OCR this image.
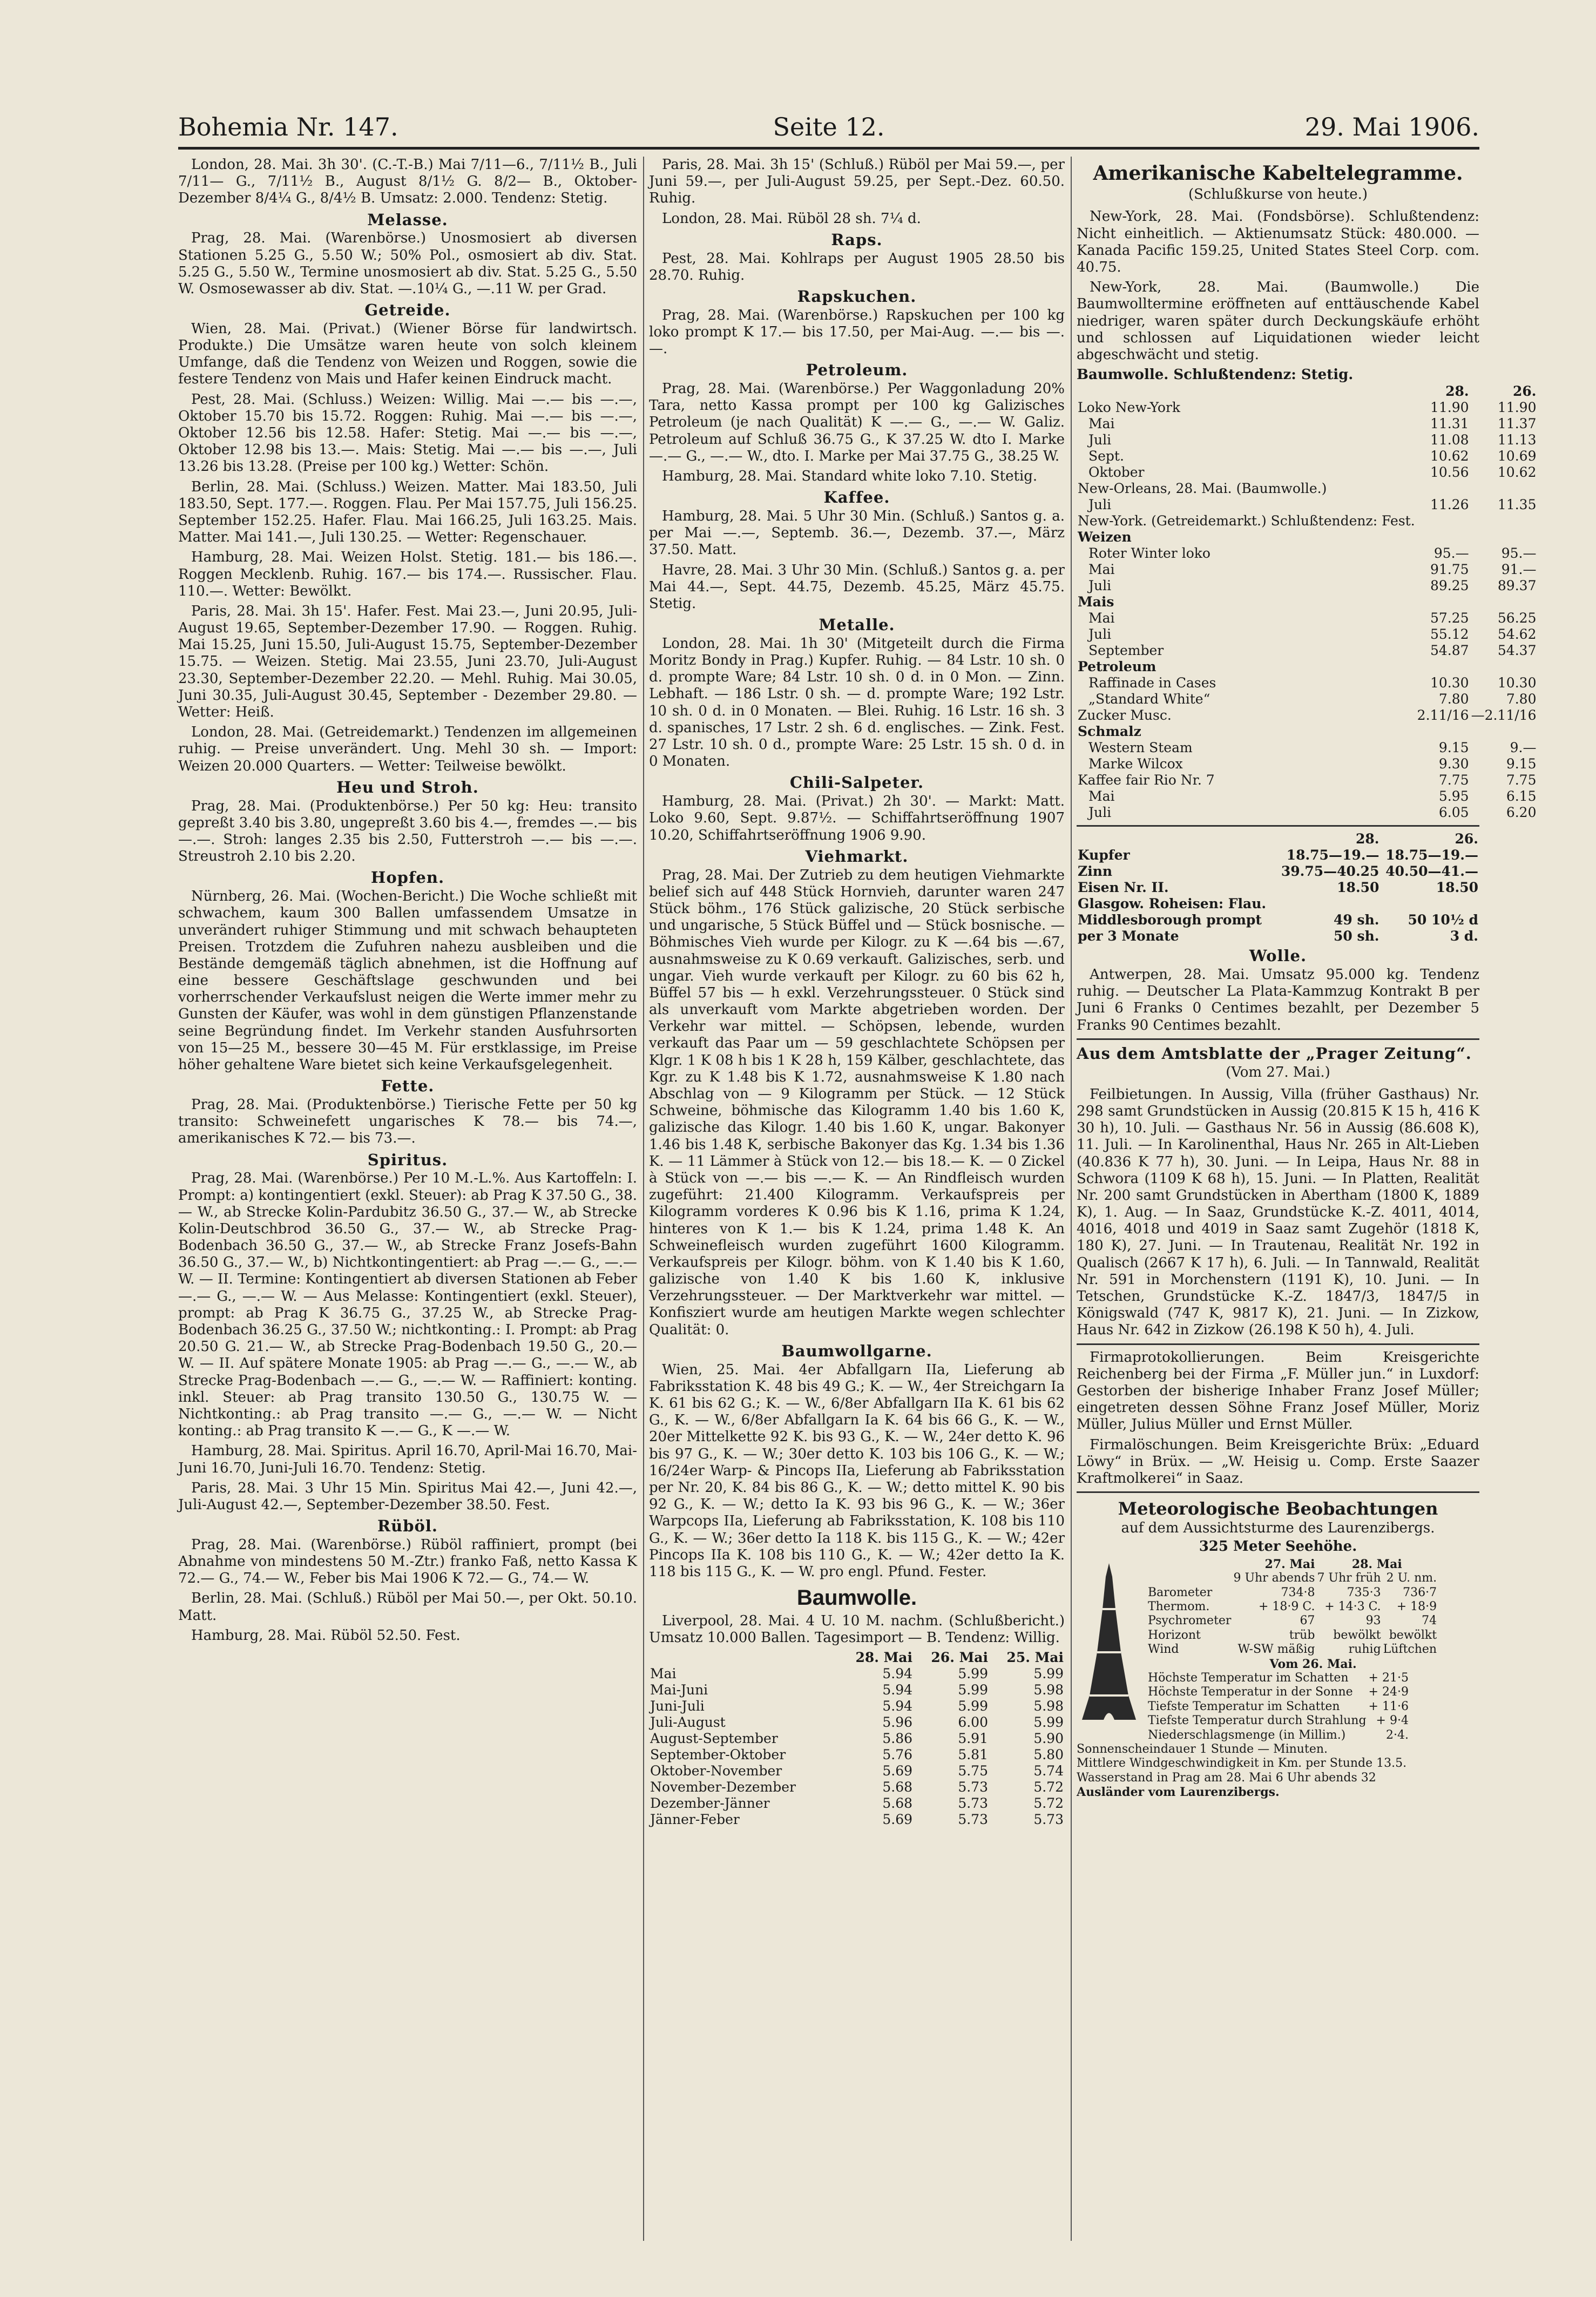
Bohemia Nr. 147.	Seite 12.	29. Mai 1906.

London, 28. Mai. 3h 30'. (C.-T.-B.) Mai 7/11—6., 7/11½ B., Juli 7/11— G., 7/11½ B., August 8/1½ G. 8/2— B., Oktober-Dezember 8/4¼ G., 8/4½ B. Umsatz: 2.000. Tendenz: Stetig.

Melasse.

Prag, 28. Mai. (Warenbörse.) Unosmosiert ab diversen Stationen 5.25 G., 5.50 W.; 50% Pol., osmosiert ab div. Stat. 5.25 G., 5.50 W., Termine unosmosiert ab div. Stat. 5.25 G., 5.50 W. Osmosewasser ab div. Stat. —.10¼ G., —.11 W. per Grad.

Getreide.

Wien, 28. Mai. (Privat.) (Wiener Börse für landwirtsch. Produkte.) Die Umsätze waren heute von solch kleinem Umfange, daß die Tendenz von Weizen und Roggen, sowie die festere Tendenz von Mais und Hafer keinen Eindruck macht.

Pest, 28. Mai. (Schluss.) Weizen: Willig. Mai —.— bis —.—, Oktober 15.70 bis 15.72. Roggen: Ruhig. Mai —.— bis —.—, Oktober 12.56 bis 12.58. Hafer: Stetig. Mai —.— bis —.—, Oktober 12.98 bis 13.—. Mais: Stetig. Mai —.— bis —.—, Juli 13.26 bis 13.28. (Preise per 100 kg.) Wetter: Schön.

Berlin, 28. Mai. (Schluss.) Weizen. Matter. Mai 183.50, Juli 183.50, Sept. 177.—. Roggen. Flau. Per Mai 157.75, Juli 156.25. September 152.25. Hafer. Flau. Mai 166.25, Juli 163.25. Mais. Matter. Mai 141.—, Juli 130.25. — Wetter: Regenschauer.

Hamburg, 28. Mai. Weizen Holst. Stetig. 181.— bis 186.—. Roggen Mecklenb. Ruhig. 167.— bis 174.—. Russischer. Flau. 110.—. Wetter: Bewölkt.

Paris, 28. Mai. 3h 15'. Hafer. Fest. Mai 23.—, Juni 20.95, Juli-August 19.65, September-Dezember 17.90. — Roggen. Ruhig. Mai 15.25, Juni 15.50, Juli-August 15.75, September-Dezember 15.75. — Weizen. Stetig. Mai 23.55, Juni 23.70, Juli-August 23.30, September-Dezember 22.20. — Mehl. Ruhig. Mai 30.05, Juni 30.35, Juli-August 30.45, September - Dezember 29.80. — Wetter: Heiß.

London, 28. Mai. (Getreidemarkt.) Tendenzen im allgemeinen ruhig. — Preise unverändert. Ung. Mehl 30 sh. — Import: Weizen 20.000 Quarters. — Wetter: Teilweise bewölkt.

Heu und Stroh.

Prag, 28. Mai. (Produktenbörse.) Per 50 kg: Heu: transito gepreßt 3.40 bis 3.80, ungepreßt 3.60 bis 4.—, fremdes —.— bis —.—. Stroh: langes 2.35 bis 2.50, Futterstroh —.— bis —.—. Streustroh 2.10 bis 2.20.

Hopfen.

Nürnberg, 26. Mai. (Wochen-Bericht.) Die Woche schließt mit schwachem, kaum 300 Ballen umfassendem Umsatze in unverändert ruhiger Stimmung und mit schwach behaupteten Preisen. Trotzdem die Zufuhren nahezu ausbleiben und die Bestände demgemäß täglich abnehmen, ist die Hoffnung auf eine bessere Geschäftslage geschwunden und bei vorherrschender Verkaufslust neigen die Werte immer mehr zu Gunsten der Käufer, was wohl in dem günstigen Pflanzenstande seine Begründung findet. Im Verkehr standen Ausfuhrsorten von 15—25 M., bessere 30—45 M. Für erstklassige, im Preise höher gehaltene Ware bietet sich keine Verkaufsgelegenheit.

Fette.

Prag, 28. Mai. (Produktenbörse.) Tierische Fette per 50 kg transito: Schweinefett ungarisches K 78.— bis 74.—, amerikanisches K 72.— bis 73.—.

Spiritus.

Prag, 28. Mai. (Warenbörse.) Per 10 M.-L.%. Aus Kartoffeln: I. Prompt: a) kontingentiert (exkl. Steuer): ab Prag K 37.50 G., 38.— W., ab Strecke Kolin-Pardubitz 36.50 G., 37.— W., ab Strecke Kolin-Deutschbrod 36.50 G., 37.— W., ab Strecke Prag-Bodenbach 36.50 G., 37.— W., ab Strecke Franz Josefs-Bahn 36.50 G., 37.— W., b) Nichtkontingentiert: ab Prag —.— G., —.— W. — II. Termine: Kontingentiert ab diversen Stationen ab Feber —.— G., —.— W. — Aus Melasse: Kontingentiert (exkl. Steuer), prompt: ab Prag K 36.75 G., 37.25 W., ab Strecke Prag-Bodenbach 36.25 G., 37.50 W.; nichtkonting.: I. Prompt: ab Prag 20.50 G. 21.— W., ab Strecke Prag-Bodenbach 19.50 G., 20.— W. — II. Auf spätere Monate 1905: ab Prag —.— G., —.— W., ab Strecke Prag-Bodenbach —.— G., —.— W. — Raffiniert: konting. inkl. Steuer: ab Prag transito 130.50 G., 130.75 W. — Nichtkonting.: ab Prag transito —.— G., —.— W. — Nicht konting.: ab Prag transito K —.— G., K —.— W.

Hamburg, 28. Mai. Spiritus. April 16.70, April-Mai 16.70, Mai-Juni 16.70, Juni-Juli 16.70. Tendenz: Stetig.

Paris, 28. Mai. 3 Uhr 15 Min. Spiritus Mai 42.—, Juni 42.—, Juli-August 42.—, September-Dezember 38.50. Fest.

Rüböl.

Prag, 28. Mai. (Warenbörse.) Rüböl raffiniert, prompt (bei Abnahme von mindestens 50 M.-Ztr.) franko Faß, netto Kassa K 72.— G., 74.— W., Feber bis Mai 1906 K 72.— G., 74.— W.

Berlin, 28. Mai. (Schluß.) Rüböl per Mai 50.—, per Okt. 50.10. Matt.

Hamburg, 28. Mai. Rüböl 52.50. Fest.

Paris, 28. Mai. 3h 15' (Schluß.) Rüböl per Mai 59.—, per Juni 59.—, per Juli-August 59.25, per Sept.-Dez. 60.50. Ruhig.

London, 28. Mai. Rüböl 28 sh. 7¼ d.

Raps.

Pest, 28. Mai. Kohlraps per August 1905 28.50 bis 28.70. Ruhig.

Rapskuchen.

Prag, 28. Mai. (Warenbörse.) Rapskuchen per 100 kg loko prompt K 17.— bis 17.50, per Mai-Aug. —.— bis —.—.

Petroleum.

Prag, 28. Mai. (Warenbörse.) Per Waggonladung 20% Tara, netto Kassa prompt per 100 kg Galizisches Petroleum (je nach Qualität) K —.— G., —.— W. Galiz. Petroleum auf Schluß 36.75 G., K 37.25 W. dto I. Marke —.— G., —.— W., dto. I. Marke per Mai 37.75 G., 38.25 W.

Hamburg, 28. Mai. Standard white loko 7.10. Stetig.

Kaffee.

Hamburg, 28. Mai. 5 Uhr 30 Min. (Schluß.) Santos g. a. per Mai —.—, Septemb. 36.—, Dezemb. 37.—, März 37.50. Matt.

Havre, 28. Mai. 3 Uhr 30 Min. (Schluß.) Santos g. a. per Mai 44.—, Sept. 44.75, Dezemb. 45.25, März 45.75. Stetig.

Metalle.

London, 28. Mai. 1h 30' (Mitgeteilt durch die Firma Moritz Bondy in Prag.) Kupfer. Ruhig. — 84 Lstr. 10 sh. 0 d. prompte Ware; 84 Lstr. 10 sh. 0 d. in 0 Mon. — Zinn. Lebhaft. — 186 Lstr. 0 sh. — d. prompte Ware; 192 Lstr. 10 sh. 0 d. in 0 Monaten. — Blei. Ruhig. 16 Lstr. 16 sh. 3 d. spanisches, 17 Lstr. 2 sh. 6 d. englisches. — Zink. Fest. 27 Lstr. 10 sh. 0 d., prompte Ware: 25 Lstr. 15 sh. 0 d. in 0 Monaten.

Chili-Salpeter.

Hamburg, 28. Mai. (Privat.) 2h 30'. — Markt: Matt. Loko 9.60, Sept. 9.87½. — Schiffahrtseröffnung 1907 10.20, Schiffahrtseröffnung 1906 9.90.

Viehmarkt.

Prag, 28. Mai. Der Zutrieb zu dem heutigen Viehmarkte belief sich auf 448 Stück Hornvieh, darunter waren 247 Stück böhm., 176 Stück galizische, 20 Stück serbische und ungarische, 5 Stück Büffel und — Stück bosnische. — Böhmisches Vieh wurde per Kilogr. zu K —.64 bis —.67, ausnahmsweise zu K 0.69 verkauft. Galizisches, serb. und ungar. Vieh wurde verkauft per Kilogr. zu 60 bis 62 h, Büffel 57 bis — h exkl. Verzehrungssteuer. 0 Stück sind als unverkauft vom Markte abgetrieben worden. Der Verkehr war mittel. — Schöpsen, lebende, wurden verkauft das Paar um — 59 geschlachtete Schöpsen per Klgr. 1 K 08 h bis 1 K 28 h, 159 Kälber, geschlachtete, das Kgr. zu K 1.48 bis K 1.72, ausnahmsweise K 1.80 nach Abschlag von — 9 Kilogramm per Stück. — 12 Stück Schweine, böhmische das Kilogramm 1.40 bis 1.60 K, galizische das Kilogr. 1.40 bis 1.60 K, ungar. Bakonyer 1.46 bis 1.48 K, serbische Bakonyer das Kg. 1.34 bis 1.36 K. — 11 Lämmer à Stück von 12.— bis 18.— K. — 0 Zickel à Stück von —.— bis —.— K. — An Rindfleisch wurden zugeführt: 21.400 Kilogramm. Verkaufspreis per Kilogramm vorderes K 0.96 bis K 1.16, prima K 1.24, hinteres von K 1.— bis K 1.24, prima 1.48 K. An Schweinefleisch wurden zugeführt 1600 Kilogramm. Verkaufspreis per Kilogr. böhm. von K 1.40 bis K 1.60, galizische von 1.40 K bis 1.60 K, inklusive Verzehrungssteuer. — Der Marktverkehr war mittel. — Konfisziert wurde am heutigen Markte wegen schlechter Qualität: 0.

Baumwollgarne.

Wien, 25. Mai. 4er Abfallgarn IIa, Lieferung ab Fabriksstation K. 48 bis 49 G.; K. — W., 4er Streichgarn Ia K. 61 bis 62 G.; K. — W., 6/8er Abfallgarn IIa K. 61 bis 62 G., K. — W., 6/8er Abfallgarn Ia K. 64 bis 66 G., K. — W., 20er Mittelkette 92 K. bis 93 G., K. — W., 24er detto K. 96 bis 97 G., K. — W.; 30er detto K. 103 bis 106 G., K. — W.; 16/24er Warp- & Pincops IIa, Lieferung ab Fabriksstation per Nr. 20, K. 84 bis 86 G., K. — W.; detto mittel K. 90 bis 92 G., K. — W.; detto Ia K. 93 bis 96 G., K. — W.; 36er Warpcops IIa, Lieferung ab Fabriksstation, K. 108 bis 110 G., K. — W.; 36er detto Ia 118 K. bis 115 G., K. — W.; 42er Pincops IIa K. 108 bis 110 G., K. — W.; 42er detto Ia K. 118 bis 115 G., K. — W. pro engl. Pfund. Fester.

Baumwolle.

Liverpool, 28. Mai. 4 U. 10 M. nachm. (Schlußbericht.) Umsatz 10.000 Ballen. Tagesimport — B. Tendenz: Willig.

	28. Mai	26. Mai	25. Mai
Mai	5.94	5.99	5.99
Mai-Juni	5.94	5.99	5.98
Juni-Juli	5.94	5.99	5.98
Juli-August	5.96	6.00	5.99
August-September	5.86	5.91	5.90
September-Oktober	5.76	5.81	5.80
Oktober-November	5.69	5.75	5.74
November-Dezember	5.68	5.73	5.72
Dezember-Jänner	5.68	5.73	5.72
Jänner-Feber	5.69	5.73	5.73
Amerikanische Kabeltelegramme.
(Schlußkurse von heute.)

New-York, 28. Mai. (Fondsbörse). Schlußtendenz: Nicht einheitlich. — Aktienumsatz Stück: 480.000. — Kanada Pacific 159.25, United States Steel Corp. com. 40.75.

New-York, 28. Mai. (Baumwolle.) Die Baumwolltermine eröffneten auf enttäuschende Kabel niedriger, waren später durch Deckungskäufe erhöht und schlossen auf Liquidationen wieder leicht abgeschwächt und stetig.

Baumwolle. Schlußtendenz: Stetig.
	28.	26.
Loko New-York	11.90	11.90
Mai	11.31	11.37
Juli	11.08	11.13
Sept.	10.62	10.69
Oktober	10.56	10.62
New-Orleans, 28. Mai. (Baumwolle.)		
Juli	11.26	11.35
New-York. (Getreidemarkt.) Schlußtendenz: Fest.		
Weizen		
Roter Winter loko	95.—	95.—
Mai	91.75	91.—
Juli	89.25	89.37
Mais		
Mai	57.25	56.25
Juli	55.12	54.62
September	54.87	54.37
Petroleum		
Raffinade in Cases	10.30	10.30
„Standard White“	7.80	7.80
Zucker Musc.	2.11/16	—2.11/16
Schmalz		
Western Steam	9.15	9.—
Marke Wilcox	9.30	9.15
Kaffee fair Rio Nr. 7	7.75	7.75
Mai	5.95	6.15
Juli	6.05	6.20
	28.	26.
Kupfer	18.75—19.—	18.75—19.—
Zinn	39.75—40.25	40.50—41.—
Eisen Nr. II.	18.50	18.50
Glasgow. Roheisen: Flau.		
Middlesborough prompt	49 sh.	50 10½ d
per 3 Monate	50 sh.	3 d.
Wolle.

Antwerpen, 28. Mai. Umsatz 95.000 kg. Tendenz ruhig. — Deutscher La Plata-Kammzug Kontrakt B per Juni 6 Franks 0 Centimes bezahlt, per Dezember 5 Franks 90 Centimes bezahlt.

Aus dem Amtsblatte der „Prager Zeitung“.
(Vom 27. Mai.)

Feilbietungen. In Aussig, Villa (früher Gasthaus) Nr. 298 samt Grundstücken in Aussig (20.815 K 15 h, 416 K 30 h), 10. Juli. — Gasthaus Nr. 56 in Aussig (86.608 K), 11. Juli. — In Karolinenthal, Haus Nr. 265 in Alt-Lieben (40.836 K 77 h), 30. Juni. — In Leipa, Haus Nr. 88 in Schwora (1109 K 68 h), 15. Juni. — In Platten, Realität Nr. 200 samt Grundstücken in Abertham (1800 K, 1889 K), 1. Aug. — In Saaz, Grundstücke K.-Z. 4011, 4014, 4016, 4018 und 4019 in Saaz samt Zugehör (1818 K, 180 K), 27. Juni. — In Trautenau, Realität Nr. 192 in Qualisch (2667 K 17 h), 6. Juli. — In Tannwald, Realität Nr. 591 in Morchenstern (1191 K), 10. Juni. — In Tetschen, Grundstücke K.-Z. 1847/3, 1847/5 in Königswald (747 K, 9817 K), 21. Juni. — In Zizkow, Haus Nr. 642 in Zizkow (26.198 K 50 h), 4. Juli.

Firmaprotokollierungen. Beim Kreisgerichte Reichenberg bei der Firma „F. Müller jun.“ in Luxdorf: Gestorben der bisherige Inhaber Franz Josef Müller; eingetreten dessen Söhne Franz Josef Müller, Moriz Müller, Julius Müller und Ernst Müller.

Firmalöschungen. Beim Kreisgerichte Brüx: „Eduard Löwy“ in Brüx. — „W. Heisig u. Comp. Erste Saazer Kraftmolkerei“ in Saaz.

Meteorologische Beobachtungen
auf dem Aussichtsturme des Laurenzibergs.
325 Meter Seehöhe.
	27. Mai	28. Mai	
	9 Uhr abends	7 Uhr früh	2 U. nm.
Barometer	734·8	735·3	736·7
Thermom.	+ 18·9 C.	+ 14·3 C.	+ 18·9
Psychrometer	67	93	74
Horizont	trüb	bewölkt	bewölkt
Wind	W-SW mäßig	ruhig	Lüftchen
Vom 26. Mai.
Höchste Temperatur im Schatten	+ 21·5
Höchste Temperatur in der Sonne	+ 24·9
Tiefste Temperatur im Schatten	+ 11·6
Tiefste Temperatur durch Strahlung	+ 9·4
Niederschlagsmenge (in Millim.)	2·4.
Sonnenscheindauer 1 Stunde — Minuten.
Mittlere Windgeschwindigkeit in Km. per Stunde 13.5.
Wasserstand in Prag am 28. Mai 6 Uhr abends 32
Ausländer vom Laurenzibergs.
